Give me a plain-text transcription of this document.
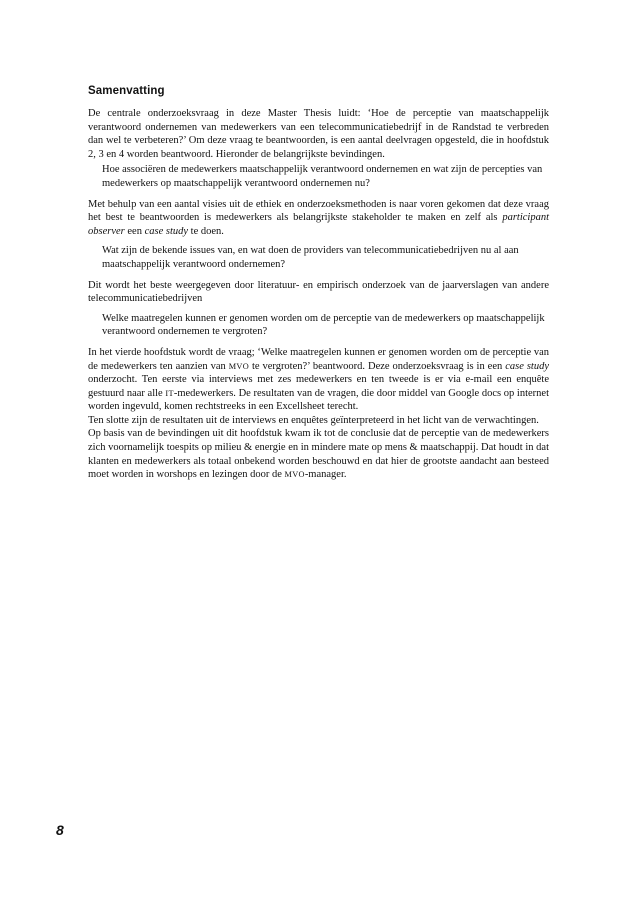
Samenvatting

De centrale onderzoeksvraag in deze Master Thesis luidt: ‘Hoe de perceptie van maatschappelijk verantwoord ondernemen van medewerkers van een telecommunicatiebedrijf in de Randstad te verbreden dan wel te verbeteren?’ Om deze vraag te beantwoorden, is een aantal deelvragen opgesteld, die in hoofdstuk 2, 3 en 4 worden beantwoord. Hieronder de belangrijkste bevindingen.

Hoe associëren de medewerkers maatschappelijk verantwoord ondernemen en wat zijn de percepties van medewerkers op maatschappelijk verantwoord ondernemen nu?

Met behulp van een aantal visies uit de ethiek en onderzoeksmethoden is naar voren gekomen dat deze vraag het best te beantwoorden is medewerkers als belangrijkste stakeholder te maken en zelf als participant observer een case study te doen.

Wat zijn de bekende issues van, en wat doen de providers van telecommunicatiebedrijven nu al aan maatschappelijk verantwoord ondernemen?

Dit wordt het beste weergegeven door literatuur- en empirisch onderzoek van de jaarverslagen van andere telecommunicatiebedrijven

Welke maatregelen kunnen er genomen worden om de perceptie van de medewerkers op maatschappelijk verantwoord ondernemen te vergroten?

In het vierde hoofdstuk wordt de vraag; ‘Welke maatregelen kunnen er genomen worden om de perceptie van de medewerkers ten aanzien van MVO te vergroten?’ beantwoord. Deze onderzoeksvraag is in een case study onderzocht. Ten eerste via interviews met zes medewerkers en ten tweede is er via e-mail een enquête gestuurd naar alle IT-medewerkers. De resultaten van de vragen, die door middel van Google docs op internet worden ingevuld, komen rechtstreeks in een Excellsheet terecht.

Ten slotte zijn de resultaten uit de interviews en enquêtes geïnterpreteerd in het licht van de verwachtingen.

Op basis van de bevindingen uit dit hoofdstuk kwam ik tot de conclusie dat de perceptie van de medewerkers zich voornamelijk toespits op milieu & energie en in mindere mate op mens & maatschappij. Dat houdt in dat klanten en medewerkers als totaal onbekend worden beschouwd en dat hier de grootste aandacht aan besteed moet worden in worshops en lezingen door de MVO-manager.

8
